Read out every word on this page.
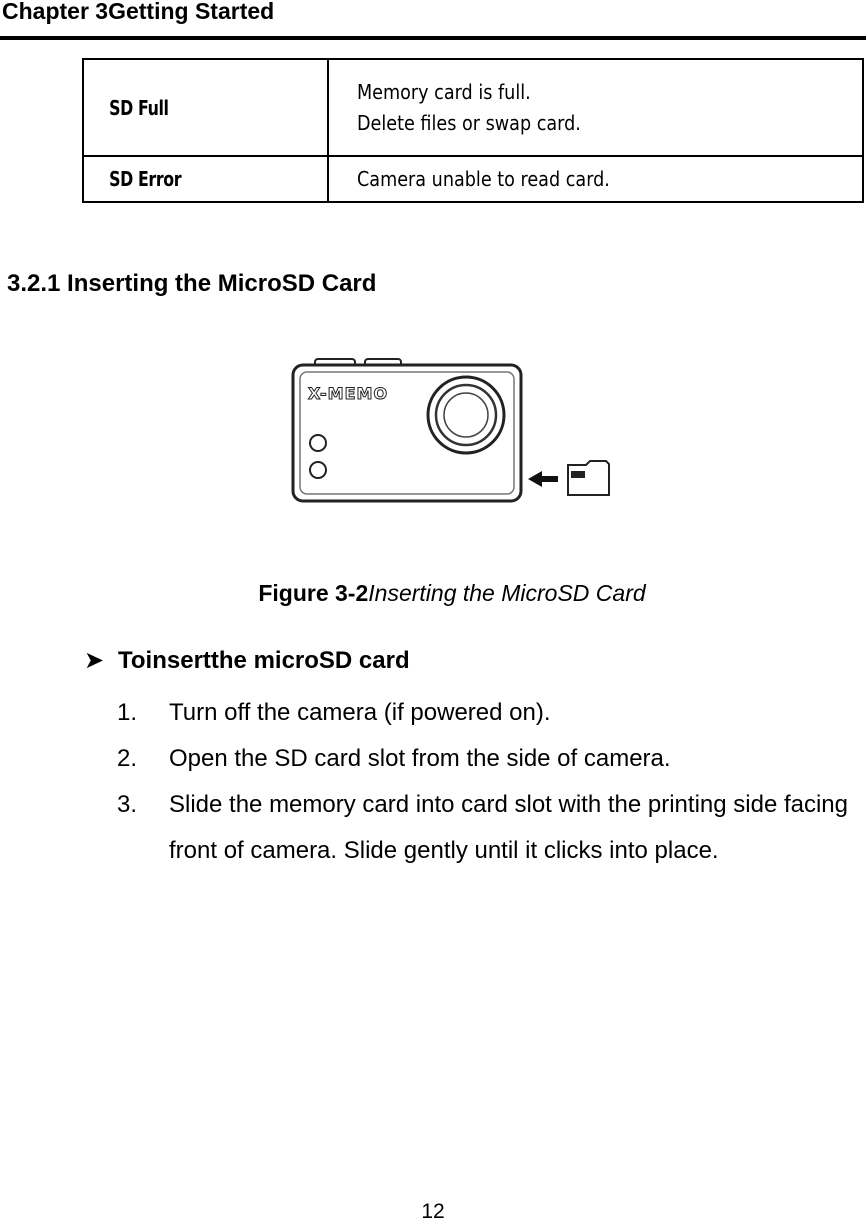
Chapter 3Getting Started
SD Full	Memory card is full.
Delete files or swap card.

SD Error	Camera unable to read card.
3.2.1 Inserting the MicroSD Card
X-MEMO
Figure 3-2Inserting the MicroSD Card
➤ Toinsertthe microSD card
1. Turn off the camera (if powered on).
2. Open the SD card slot from the side of camera.
3. Slide the memory card into card slot with the printing side facing front of camera. Slide gently until it clicks into place.
12
